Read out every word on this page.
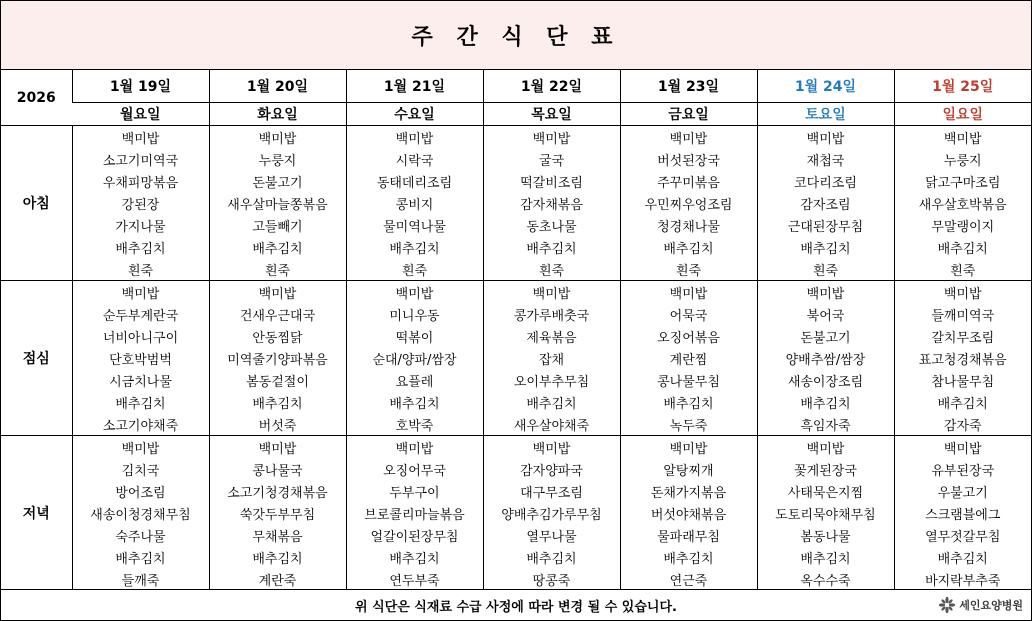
주 간 식 단 표
2026	1월 19일	1월 20일	1월 21일	1월 22일	1월 23일	1월 24일	1월 25일
	월요일	화요일	수요일	목요일	금요일	토요일	일요일
아침	백미밥	백미밥	백미밥	백미밥	백미밥	백미밥	백미밥
	소고기미역국	누룽지	시락국	굴국	버섯된장국	재첩국	누룽지
	우채피망볶음	돈불고기	동태데리조림	떡갈비조림	주꾸미볶음	코다리조림	닭고구마조림
	강된장	새우살마늘쫑볶음	콩비지	감자채볶음	우민찌우엉조림	감자조림	새우살호박볶음
	가지나물	고들빼기	물미역나물	동초나물	청경채나물	근대된장무침	무말랭이지
	배추김치	배추김치	배추김치	배추김치	배추김치	배추김치	배추김치
	흰죽	흰죽	흰죽	흰죽	흰죽	흰죽	흰죽
점심	백미밥	백미밥	백미밥	백미밥	백미밥	백미밥	백미밥
	순두부계란국	건새우근대국	미니우동	콩가루배춧국	어묵국	북어국	들깨미역국
	너비아니구이	안동찜닭	떡볶이	제육볶음	오징어볶음	돈불고기	갈치무조림
	단호박범벅	미역줄기양파볶음	순대/양파/쌈장	잡채	계란찜	양배추쌈/쌈장	표고청경채볶음
	시금치나물	봄동겉절이	요플레	오이부추무침	콩나물무침	새송이장조림	참나물무침
	배추김치	배추김치	배추김치	배추김치	배추김치	배추김치	배추김치
	소고기야채죽	버섯죽	호박죽	새우살야채죽	녹두죽	흑임자죽	감자죽
저녁	백미밥	백미밥	백미밥	백미밥	백미밥	백미밥	백미밥
	김치국	콩나물국	오징어무국	감자양파국	알탕찌개	꽃게된장국	유부된장국
	방어조림	소고기청경채볶음	두부구이	대구무조림	돈채가지볶음	사태묵은지찜	우불고기
	새송이청경채무침	쑥갓두부무침	브로콜리마늘볶음	양배추김가루무침	버섯야채볶음	도토리묵야채무침	스크램블에그
	숙주나물	무채볶음	얼갈이된장무침	열무나물	물파래무침	봄동나물	열무젓갈무침
	배추김치	배추김치	배추김치	배추김치	배추김치	배추김치	배추김치
	들깨죽	계란죽	연두부죽	땅콩죽	연근죽	옥수수죽	바지락부추죽
위 식단은 식재료 수급 사정에 따라 변경 될 수 있습니다.	세인요양병원
